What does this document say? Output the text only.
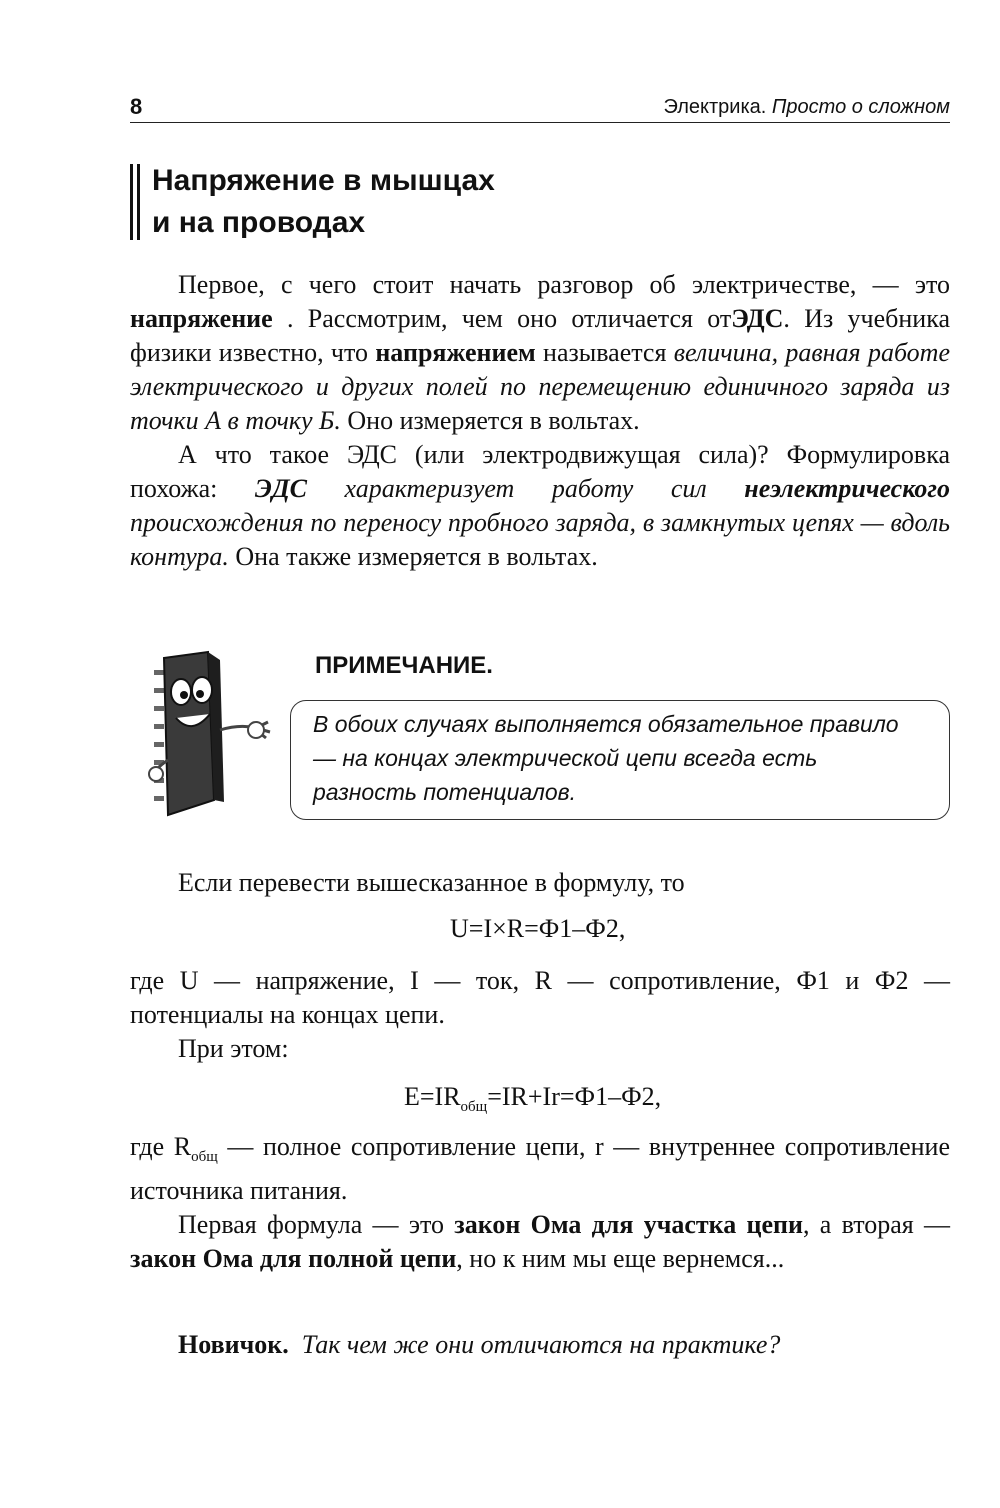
8	Электрика. Просто о сложном
Напряжение в мышцах
и на проводах

Первое, с чего стоит начать разговор об электричестве, — это напряжение . Рассмотрим, чем оно отличается отЭДС. Из учебника физики известно, что напряжением называется величина, равная работе электрического и других полей по перемещению единичного заряда из точки А в точку Б. Оно измеряется в вольтах.

А что такое ЭДС (или электродвижущая сила)? Формулировка похожа: ЭДС характеризует работу сил неэлектрического происхождения по переносу пробного заряда, в замкнутых цепях — вдоль контура. Она также измеряется в вольтах.

ПРИМЕЧАНИЕ.
В обоих случаях выполняется обязательное правило — на концах электрической цепи всегда есть разность потенциалов.

Если перевести вышесказанное в формулу, то

U=I×R=Ф1–Ф2,

где U — напряжение, I — ток, R — сопротивление, Ф1 и Ф2 — потенциалы на концах цепи.

При этом:

$E=IR_{общ}=IR+Ir=Ф1-Ф2$,

где $R_{общ}$ — полное сопротивление цепи, r — внутреннее сопротивление источника питания.

Первая формула — это закон Ома для участка цепи, а вторая — закон Ома для полной цепи, но к ним мы еще вернемся...

Новичок. Так чем же они отличаются на практике?
